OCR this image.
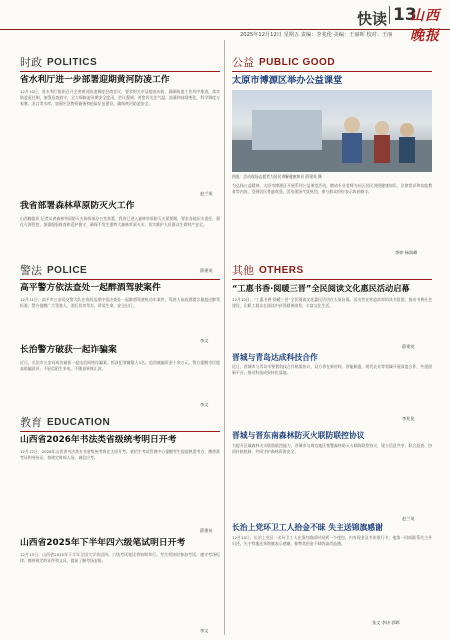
快读 13
山西晚报
2025年12月12日 星期五 责编：李兆伦 美编：王丽晖 校对：王丽
时政 POLITICS
省水利厅进一步部署迎期黄河防凌工作
12月10日，省水利厅组织召开全省黄河防凌调度会商会议，要求相关市县提前布防，确保防凌工作有序推进，落实防凌责任制，加强巡查值守，全力保障凌汛期安全度汛。会议强调，要密切关注气温、流量和冰情变化，科学调度万家寨、龙口等水库，加强应急物资储备和抢险队伍建设，确保黄河防凌安全。
赵兰英
我省部署森林草原防灭火工作
山西晚报讯 记者从省森林草原防灭火指挥部办公室获悉，我省已进入森林草原防灭火紧要期，要求各地压实责任，强化火源管控，加强隐患排查和巡护值守，确保不发生重特大森林草原火灾，切实维护人民群众生命财产安全。
薛建英
公益 PUBLIC GOOD
太原市博源区举办公益课堂
图说：活动现场志愿者为居民讲解健康知识 薛建英 摄
为弘扬公益精神，太原市博源区开展系列公益课堂活动，邀请专业老师为社区居民讲授健康知识、法律常识和家庭教育等内容，受到居民普遍欢迎。活动现场气氛热烈，参与群众纷纷表示收获颇丰。
李婷 杨润峰
警法 POLICE
高平警方依法查处一起醉酒驾驶案件
12月11日，高平市公安局交警大队在夜间巡逻中依法查处一起醉酒驾驶机动车案件，驾驶人血液酒精含量超过醉驾标准。警方提醒广大驾驶人，酒后切勿驾车，珍爱生命，安全出行。
李文
长治警方破获一起诈骗案
近日，长治市公安局成功破获一起电信网络诈骗案，抓获犯罪嫌疑人3名，追回被骗资金十余万元。警方提醒市民提高防骗意识，不轻信陌生来电，不随意转账汇款。
李文
其他 OTHERS
“工惠书香·阅暖三晋”全民阅读文化惠民活动启幕
12月10日，“工惠书香·阅暖三晋”全民阅读文化惠民活动在太原启幕。活动旨在营造浓厚的读书氛围，推动书香社会建设，让职工群众在阅读中获得精神滋养，丰富文化生活。
薛建英
晋城与青岛达成科技合作
近日，晋城市与青岛市签署科技合作框架协议，双方将在新材料、智能制造、现代农业等领域开展深度合作，共建创新平台，推动科技成果转化落地。
李兆伦
晋城与晋东南森林防灭火联防联控协议
为提升区域森林火灾联防联控能力，晋城市与周边地区签署森林防灭火联防联控协议，建立信息共享、联合巡查、协同扑救机制，共同守护森林资源安全。
赵兰英
长治上党环卫工人拾金不昧 失主送锦旗感谢
12月10日，长治上党区一名环卫工人在清扫路面时捡到一个钱包，内有现金及多张银行卡。他第一时间联系失主并归还。失主特地送来锦旗表示感谢，称赞其拾金不昧的高尚品德。
张文 李诗 郭晖
教育 EDUCATION
山西省2026年书法类省级统考明日开考
12月12日，2026年山西省书法类专业省级统考将在太原开考。省招生考试管理中心提醒考生提前熟悉考点，携带准考证和身份证，按规定时间入场，诚信应考。
薛建英
山西省2025年下半年四六级笔试明日开考
12月13日，山西省2025年下半年全国大学英语四、六级考试笔试将如期举行。考生须按时参加考试，遵守考场纪律，携带规定的证件和文具，提前了解考场安排。
李文
